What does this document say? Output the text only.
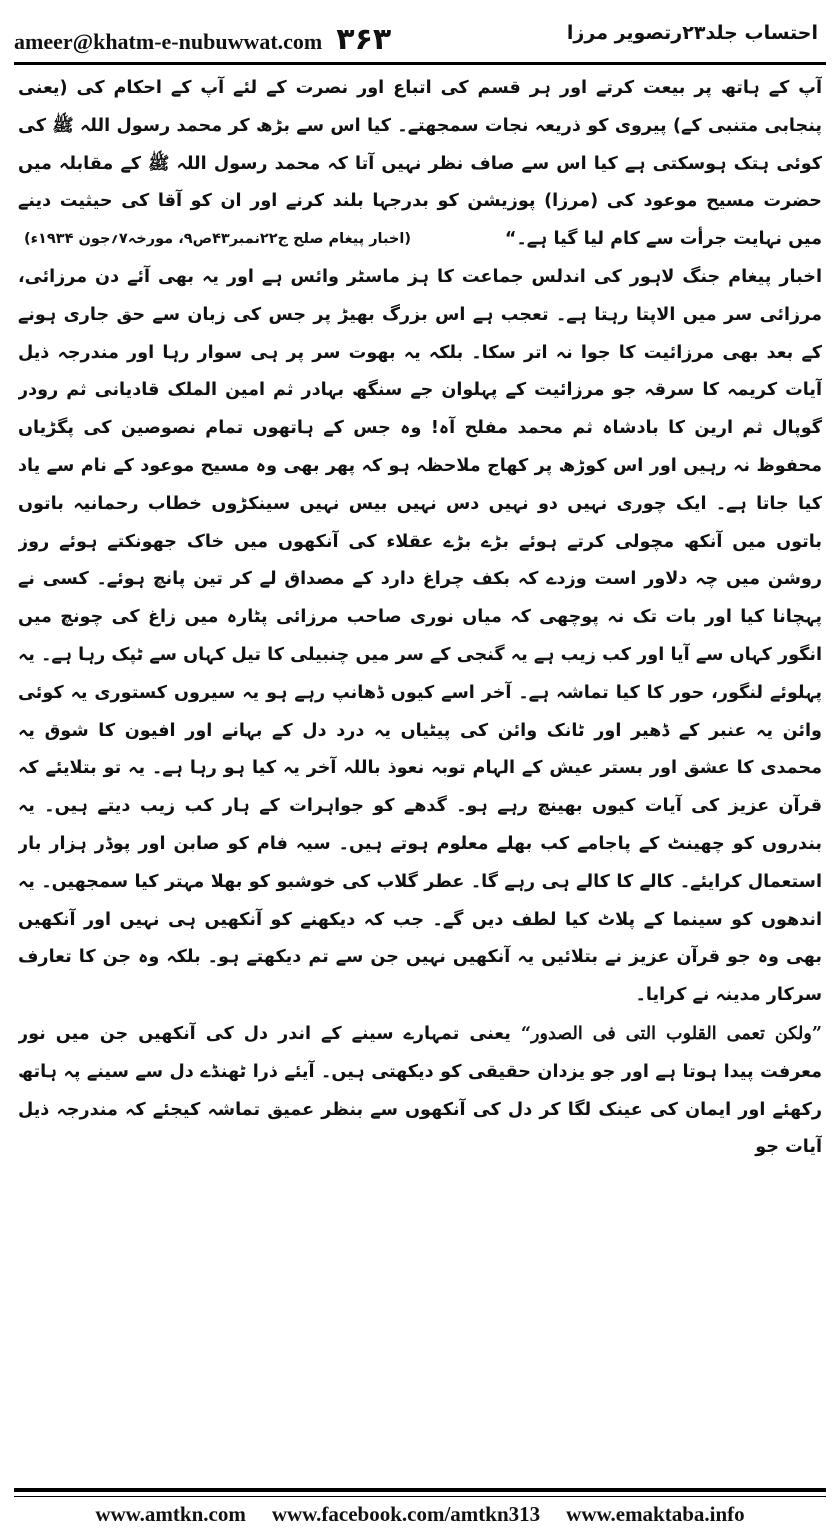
ameer@khatm-e-nubuwwat.com ۳۶۳	احتساب جلد۲۳رتصویر مرزا

آپ کے ہاتھ پر بیعت کرتے اور ہر قسم کی اتباع اور نصرت کے لئے آپ کے احکام کی (یعنی پنجابی متنبی کے) پیروی کو ذریعہ نجات سمجھتے۔ کیا اس سے بڑھ کر محمد رسول اللہ ﷺ کی کوئی ہتک ہوسکتی ہے کیا اس سے صاف نظر نہیں آتا کہ محمد رسول اللہ ﷺ کے مقابلہ میں حضرت مسیح موعود کی (مرزا) پوزیشن کو بدرجہا بلند کرنے اور ان کو آقا کی حیثیت دینے میں نہایت جرأت سے کام لیا گیا ہے۔“
(اخبار پیغام صلح ج۲۲نمبر۴۳ص۹، مورخہ۷؍جون ۱۹۳۴ء)

اخبار پیغام جنگ لاہور کی اندلس جماعت کا ہز ماسٹر وائس ہے اور یہ بھی آئے دن مرزائی، مرزائی سر میں الاپتا رہتا ہے۔ تعجب ہے اس بزرگ بھیڑ پر جس کی زبان سے حق جاری ہونے کے بعد بھی مرزائیت کا جوا نہ اتر سکا۔ بلکہ یہ بھوت سر پر ہی سوار رہا اور مندرجہ ذیل آیات کریمہ کا سرقہ جو مرزائیت کے پہلوان جے سنگھ بہادر ثم امین الملک قادیانی ثم رودر گوپال ثم ارین کا بادشاہ ثم محمد مفلح آہ! وہ جس کے ہاتھوں تمام نصوصین کی پگڑیاں محفوظ نہ رہیں اور اس کوڑھ پر کھاج ملاحظہ ہو کہ پھر بھی وہ مسیح موعود کے نام سے یاد کیا جاتا ہے۔ ایک چوری نہیں دو نہیں دس نہیں بیس نہیں سینکڑوں خطاب رحمانیہ باتوں باتوں میں آنکھ مچولی کرتے ہوئے بڑے بڑے عقلاء کی آنکھوں میں خاک جھونکتے ہوئے روز روشن میں چہ دلاور است وزدے کہ بکف چراغ دارد کے مصداق لے کر تین پانچ ہوئے۔ کسی نے پہچانا کیا اور بات تک نہ پوچھی کہ میاں نوری صاحب مرزائی پٹارہ میں زاغ کی چونچ میں انگور کہاں سے آیا اور کب زیب ہے یہ گنجی کے سر میں چنبیلی کا تیل کہاں سے ٹپک رہا ہے۔ یہ پہلوئے لنگور، حور کا کیا تماشہ ہے۔ آخر اسے کیوں ڈھانپ رہے ہو یہ سیروں کستوری یہ کوئی وائن یہ عنبر کے ڈھیر اور ٹانک وائن کی پیٹیاں یہ درد دل کے بہانے اور افیون کا شوق یہ محمدی کا عشق اور بستر عیش کے الہام توبہ نعوذ باللہ آخر یہ کیا ہو رہا ہے۔ یہ تو بتلایئے کہ قرآن عزیز کی آیات کیوں بھینچ رہے ہو۔ گدھے کو جواہرات کے ہار کب زیب دیتے ہیں۔ یہ بندروں کو چھینٹ کے پاجامے کب بھلے معلوم ہوتے ہیں۔ سیہ فام کو صابن اور پوڈر ہزار بار استعمال کرایئے۔ کالے کا کالے ہی رہے گا۔ عطر گلاب کی خوشبو کو بھلا مہتر کیا سمجھیں۔ یہ اندھوں کو سینما کے پلاٹ کیا لطف دیں گے۔ جب کہ دیکھنے کو آنکھیں ہی نہیں اور آنکھیں بھی وہ جو قرآن عزیز نے بتلائیں یہ آنکھیں نہیں جن سے تم دیکھتے ہو۔ بلکہ وہ جن کا تعارف سرکار مدینہ نے کرایا۔

”ولکن تعمی القلوب التی فی الصدور“ یعنی تمہارے سینے کے اندر دل کی آنکھیں جن میں نور معرفت پیدا ہوتا ہے اور جو یزدان حقیقی کو دیکھتی ہیں۔ آیئے ذرا ٹھنڈے دل سے سینے پہ ہاتھ رکھئے اور ایمان کی عینک لگا کر دل کی آنکھوں سے بنظر عمیق تماشہ کیجئے کہ مندرجہ ذیل آیات جو

www.amtkn.com www.facebook.com/amtkn313 www.emaktaba.info
